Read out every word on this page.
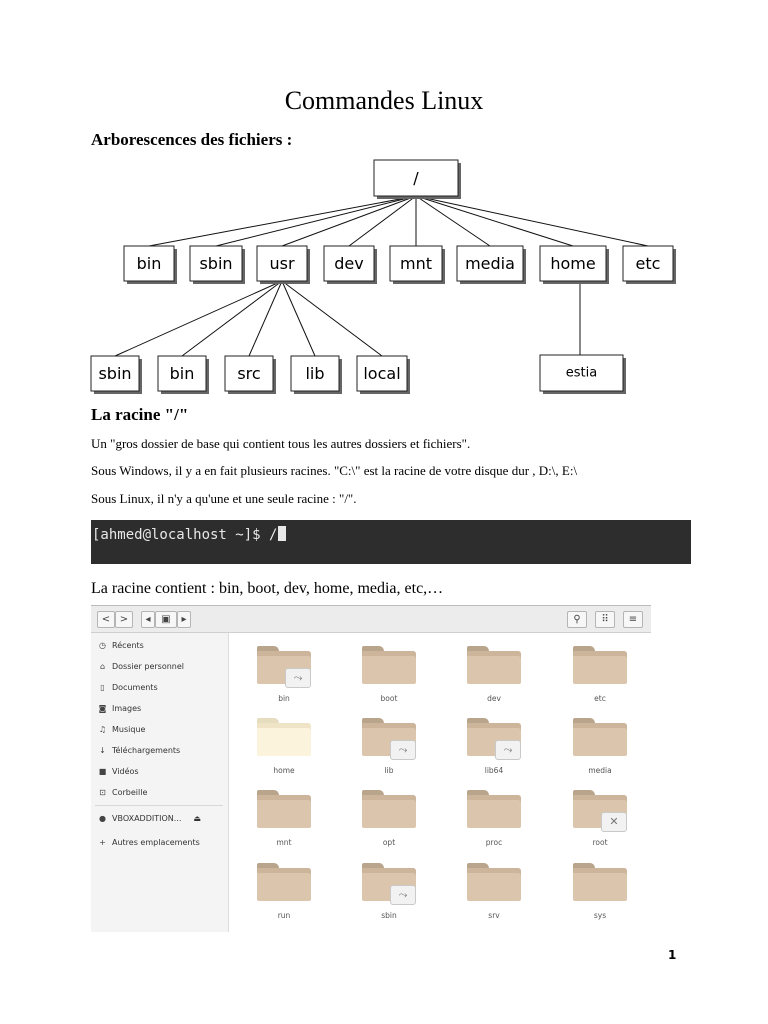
Commandes Linux
Arborescences des fichiers :
/
bin sbin usr dev mnt media home etc
sbin bin	src	lib local	estia
La racine "/"
Un "gros dossier de base qui contient tous les autres dossiers et fichiers".
Sous Windows, il y a en fait plusieurs racines. "C:\" est la racine de votre disque dur , D:\, E:\
Sous Linux, il n'y a qu'une et une seule racine : "/".
[ahmed@localhost ~]$ /
La racine contient : bin, boot, dev, home, media, etc,…
< >	◂	▣	▸	⚲	⠿	≡
◷ Récents
⌂ Dossier personnel
▯ Documents
◙ Images
♫ Musique
↓ Téléchargements
■ Vidéos
⊡ Corbeille
● VBOXADDITION... ⏏
+ Autres emplacements
⤳
bin	boot	dev	etc
home
⤳
lib
⤳
lib64	media
mnt	opt	proc
✕
root
run
⤳
sbin	srv	sys
1
